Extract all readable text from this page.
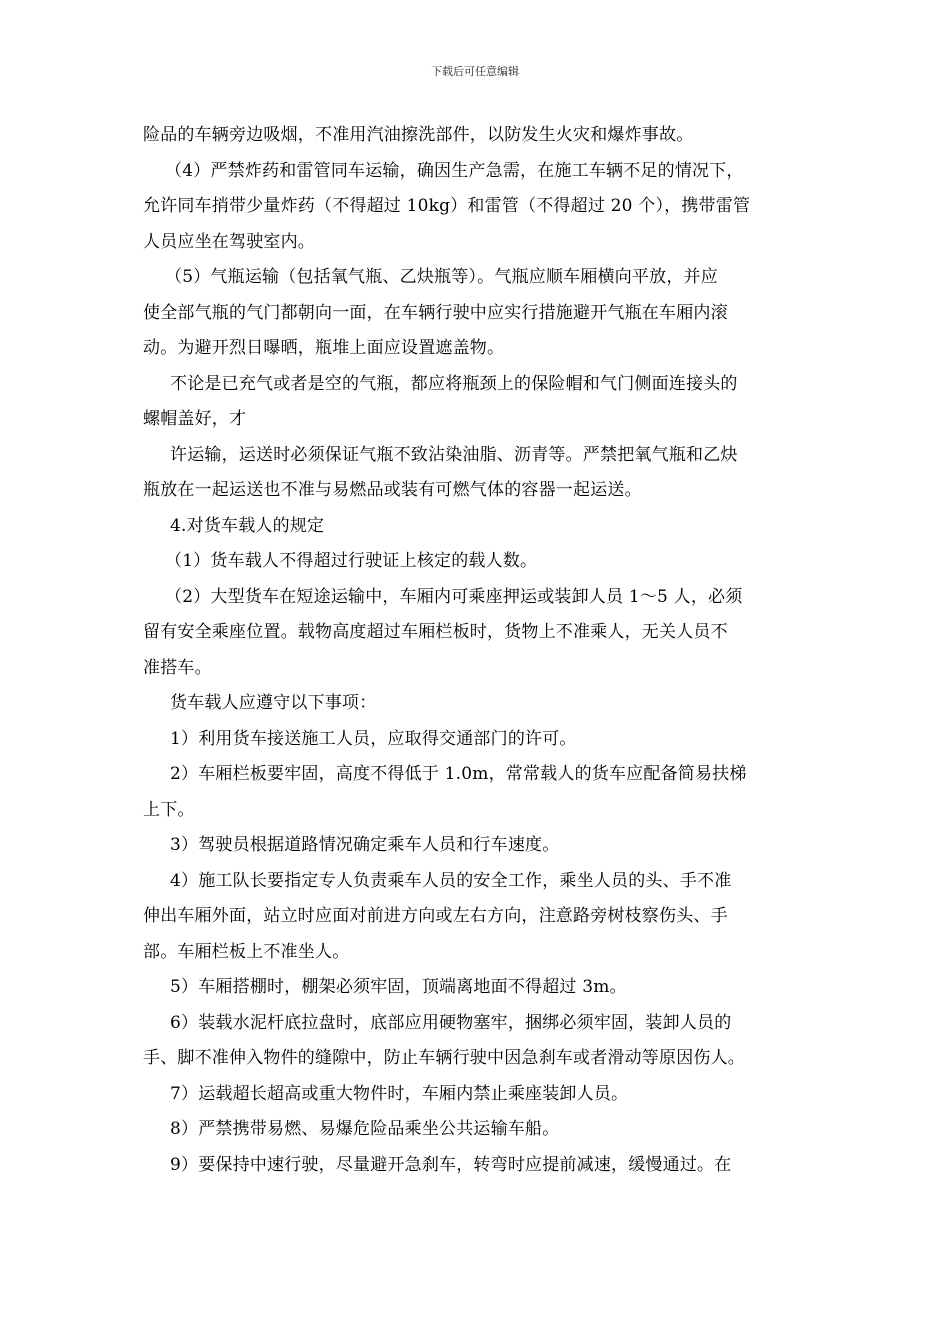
下载后可任意编辑
险品的车辆旁边吸烟，不准用汽油擦洗部件，以防发生火灾和爆炸事故。
（4）严禁炸药和雷管同车运输，确因生产急需，在施工车辆不足的情况下，
允许同车捎带少量炸药（不得超过 10kg）和雷管（不得超过 20 个），携带雷管
人员应坐在驾驶室内。
（5）气瓶运输（包括氧气瓶、乙炔瓶等）。气瓶应顺车厢横向平放，并应
使全部气瓶的气门都朝向一面，在车辆行驶中应实行措施避开气瓶在车厢内滚
动。为避开烈日曝晒，瓶堆上面应设置遮盖物。
不论是已充气或者是空的气瓶，都应将瓶颈上的保险帽和气门侧面连接头的
螺帽盖好，才
许运输，运送时必须保证气瓶不致沾染油脂、沥青等。严禁把氧气瓶和乙炔
瓶放在一起运送也不准与易燃品或装有可燃气体的容器一起运送。
4.对货车载人的规定
（1）货车载人不得超过行驶证上核定的载人数。
（2）大型货车在短途运输中，车厢内可乘座押运或装卸人员 1～5 人，必须
留有安全乘座位置。载物高度超过车厢栏板时，货物上不准乘人，无关人员不
准搭车。
货车载人应遵守以下事项：
1）利用货车接送施工人员，应取得交通部门的许可。
2）车厢栏板要牢固，高度不得低于 1.0m，常常载人的货车应配备简易扶梯
上下。
3）驾驶员根据道路情况确定乘车人员和行车速度。
4）施工队长要指定专人负责乘车人员的安全工作，乘坐人员的头、手不准
伸出车厢外面，站立时应面对前进方向或左右方向，注意路旁树枝察伤头、手
部。车厢栏板上不准坐人。
5）车厢搭棚时，棚架必须牢固，顶端离地面不得超过 3m。
6）装载水泥杆底拉盘时，底部应用硬物塞牢，捆绑必须牢固，装卸人员的
手、脚不准伸入物件的缝隙中，防止车辆行驶中因急刹车或者滑动等原因伤人。
7）运载超长超高或重大物件时，车厢内禁止乘座装卸人员。
8）严禁携带易燃、易爆危险品乘坐公共运输车船。
9）要保持中速行驶，尽量避开急刹车，转弯时应提前减速，缓慢通过。在
